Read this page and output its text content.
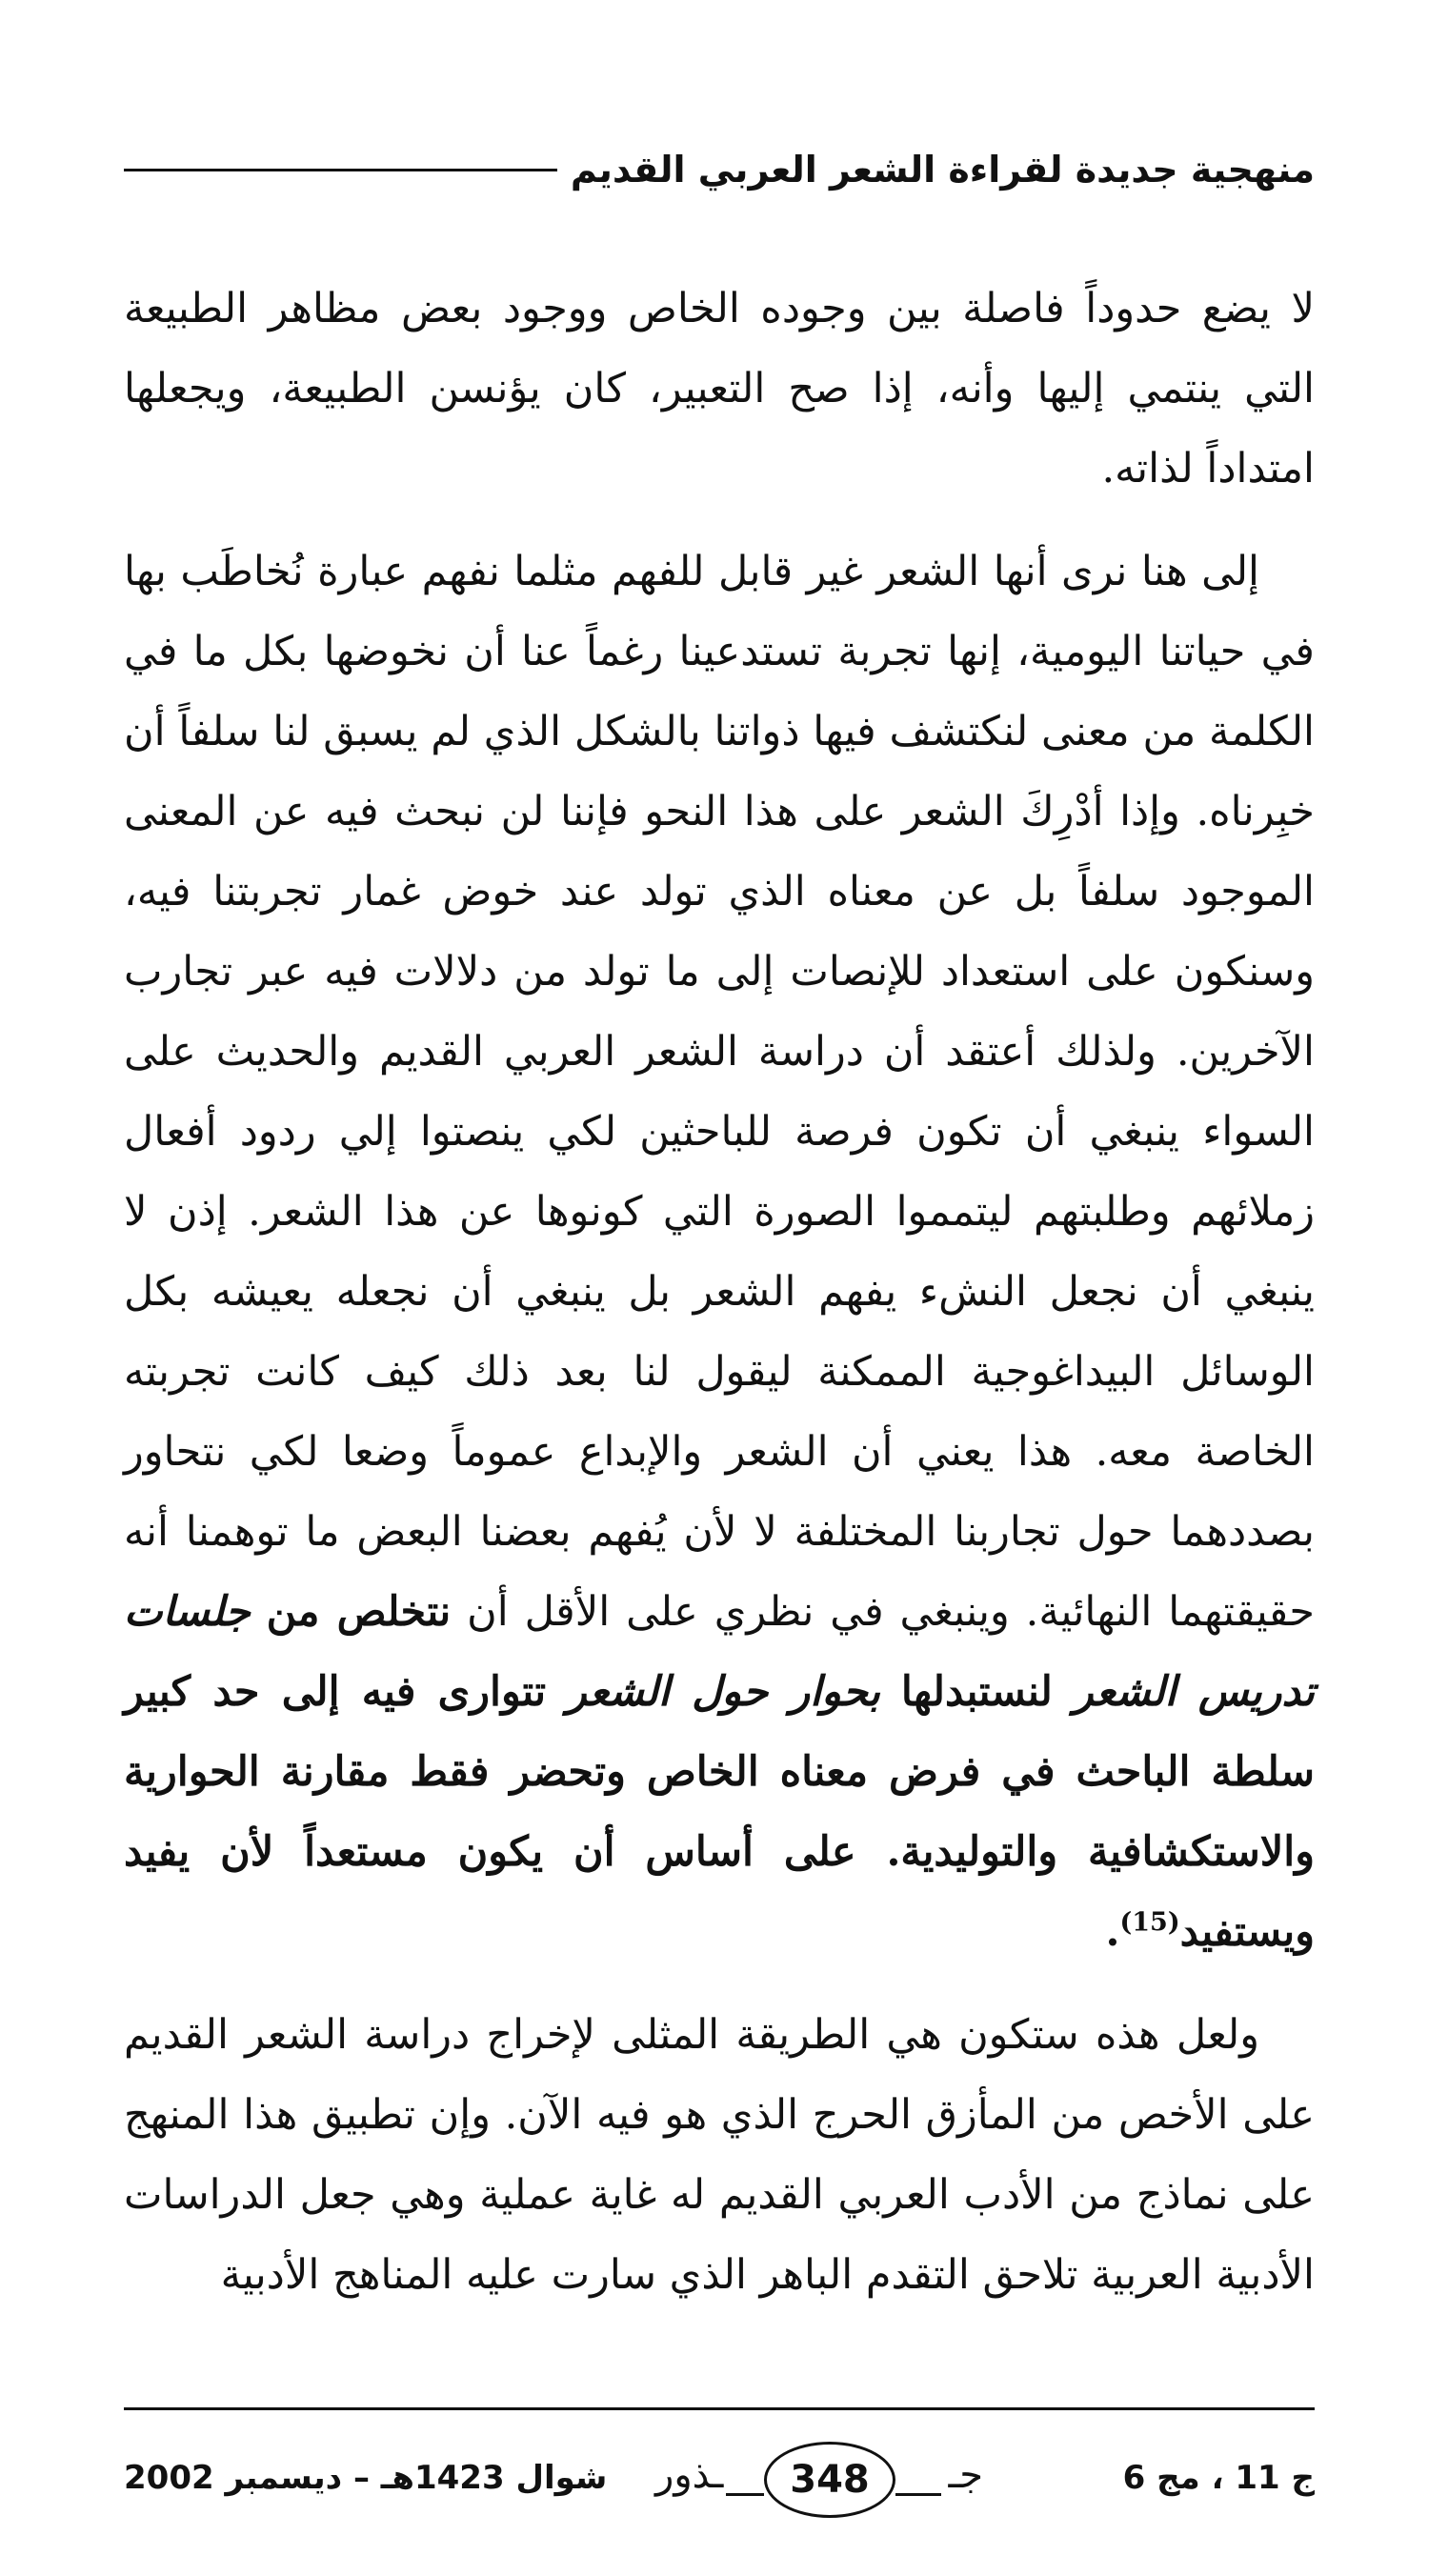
منهجية جديدة لقراءة الشعر العربي القديم

لا يضع حدوداً فاصلة بين وجوده الخاص ووجود بعض مظاهر الطبيعة التي ينتمي إليها وأنه، إذا صح التعبير، كان يؤنسن الطبيعة، ويجعلها امتداداً لذاته.

إلى هنا نرى أنها الشعر غير قابل للفهم مثلما نفهم عبارة نُخاطَب بها في حياتنا اليومية، إنها تجربة تستدعينا رغماً عنا أن نخوضها بكل ما في الكلمة من معنى لنكتشف فيها ذواتنا بالشكل الذي لم يسبق لنا سلفاً أن خبِرناه. وإذا أدْرِكَ الشعر على هذا النحو فإننا لن نبحث فيه عن المعنى الموجود سلفاً بل عن معناه الذي تولد عند خوض غمار تجربتنا فيه، وسنكون على استعداد للإنصات إلى ما تولد من دلالات فيه عبر تجارب الآخرين. ولذلك أعتقد أن دراسة الشعر العربي القديم والحديث على السواء ينبغي أن تكون فرصة للباحثين لكي ينصتوا إلي ردود أفعال زملائهم وطلبتهم ليتمموا الصورة التي كونوها عن هذا الشعر. إذن لا ينبغي أن نجعل النشء يفهم الشعر بل ينبغي أن نجعله يعيشه بكل الوسائل البيداغوجية الممكنة ليقول لنا بعد ذلك كيف كانت تجربته الخاصة معه. هذا يعني أن الشعر والإبداع عموماً وضعا لكي نتحاور بصددهما حول تجاربنا المختلفة لا لأن يُفهم بعضنا البعض ما توهمنا أنه حقيقتهما النهائية. وينبغي في نظري على الأقل أن نتخلص من جلسات تدريس الشعر لنستبدلها بحوار حول الشعر تتوارى فيه إلى حد كبير سلطة الباحث في فرض معناه الخاص وتحضر فقط مقارنة الحوارية والاستكشافية والتوليدية. على أساس أن يكون مستعداً لأن يفيد ويستفيد$^{(15)}$.

ولعل هذه ستكون هي الطريقة المثلى لإخراج دراسة الشعر القديم على الأخص من المأزق الحرج الذي هو فيه الآن. وإن تطبيق هذا المنهج على نماذج من الأدب العربي القديم له غاية عملية وهي جعل الدراسات الأدبية العربية تلاحق التقدم الباهر الذي سارت عليه المناهج الأدبية

ج 11 ، مج 6
جـ
348
ـذور
شوال 1423هـ – ديسمبر 2002
